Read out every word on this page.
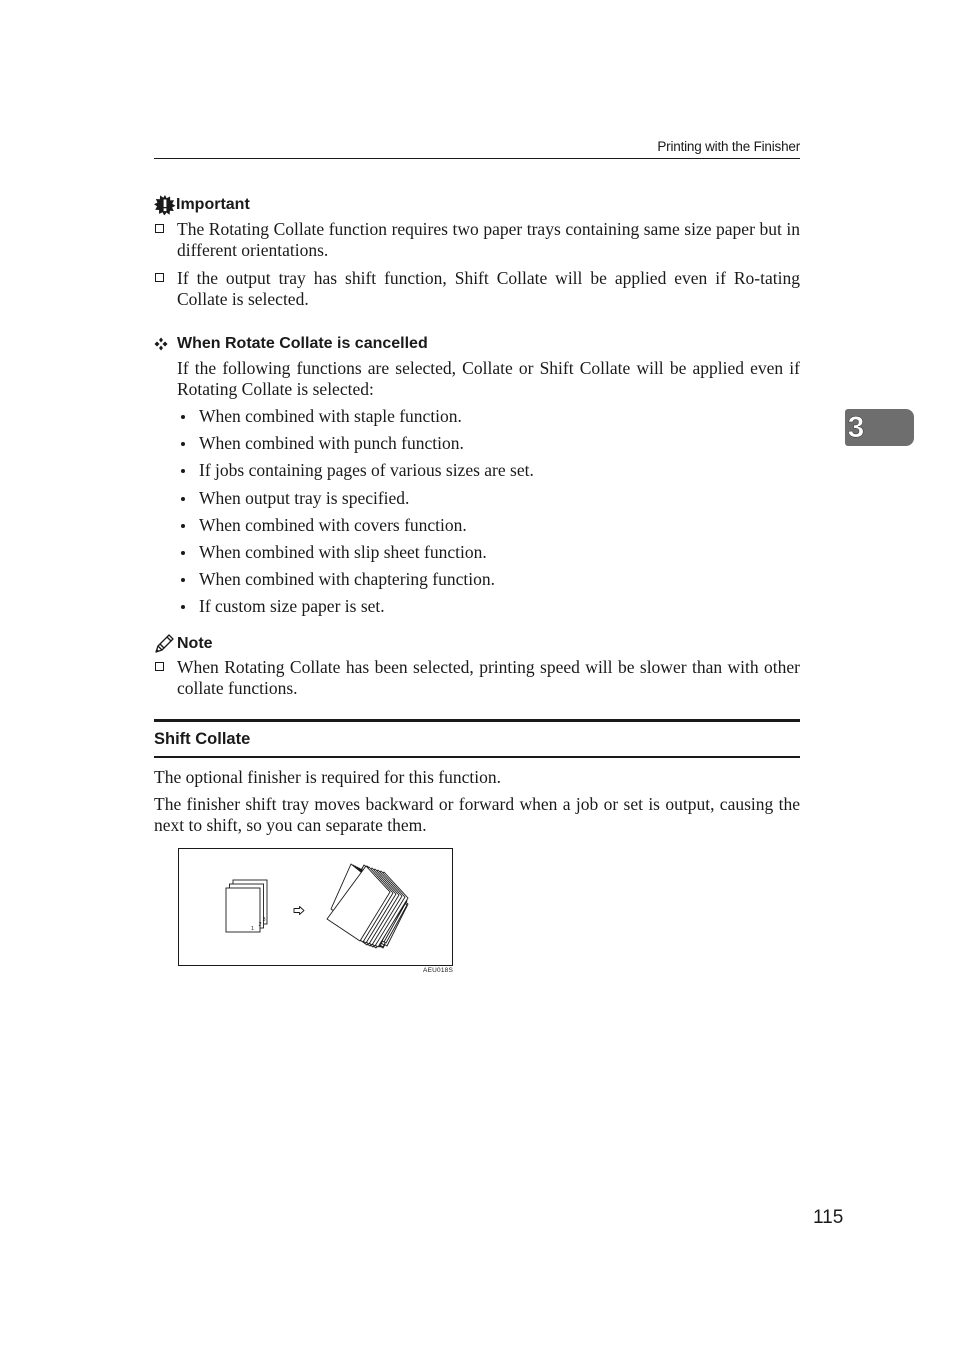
Printing with the Finisher
3
Important
The Rotating Collate function requires two paper trays containing same size paper but in different orientations.
If the output tray has shift function, Shift Collate will be applied even if Ro-tating Collate is selected.
When Rotate Collate is cancelled
If the following functions are selected, Collate or Shift Collate will be applied even if Rotating Collate is selected:
When combined with staple function.
When combined with punch function.
If jobs containing pages of various sizes are set.
When output tray is specified.
When combined with covers function.
When combined with slip sheet function.
When combined with chaptering function.
If custom size paper is set.
Note
When Rotating Collate has been selected, printing speed will be slower than with other collate functions.
Shift Collate
The optional finisher is required for this function.
The finisher shift tray moves backward or forward when a job or set is output, causing the next to shift, so you can separate them.
3
2
1
AEU018S
115
